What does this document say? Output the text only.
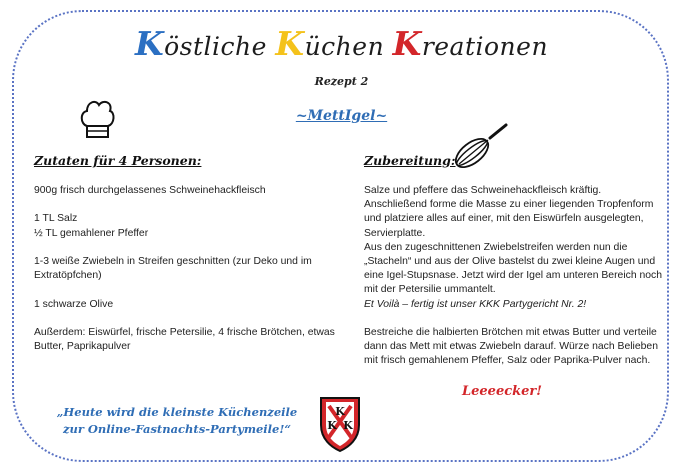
Köstliche Küchen Kreationen
Rezept 2
~MettIgel~
Zutaten für 4 Personen:	Zubereitung:

900g frisch durchgelassenes Schweinehackfleisch

1 TL Salz

½ TL gemahlener Pfeffer

1-3 weiße Zwiebeln in Streifen geschnitten (zur Deko und im Extratöpfchen)

1 schwarze Olive

Außerdem: Eiswürfel, frische Petersilie, 4 frische Brötchen, etwas Butter, Paprikapulver

Salze und pfeffere das Schweinehackfleisch kräftig. Anschließend forme die Masse zu einer liegenden Tropfenform und platziere alles auf einer, mit den Eiswürfeln ausgelegten, Servierplatte.

Aus den zugeschnittenen Zwiebelstreifen werden nun die „Stacheln“ und aus der Olive bastelst du zwei kleine Augen und eine Igel-Stupsnase. Jetzt wird der Igel am unteren Bereich noch mit der Petersilie ummantelt.

Et Voilà – fertig ist unser KKK Partygericht Nr. 2!

Bestreiche die halbierten Brötchen mit etwas Butter und verteile dann das Mett mit etwas Zwiebeln darauf. Würze nach Belieben mit frisch gemahlenem Pfeffer, Salz oder Paprika-Pulver nach.

Leeeecker!
„Heute wird die kleinste Küchenzeile
zur Online-Fastnachts-Partymeile!“
K
K K
